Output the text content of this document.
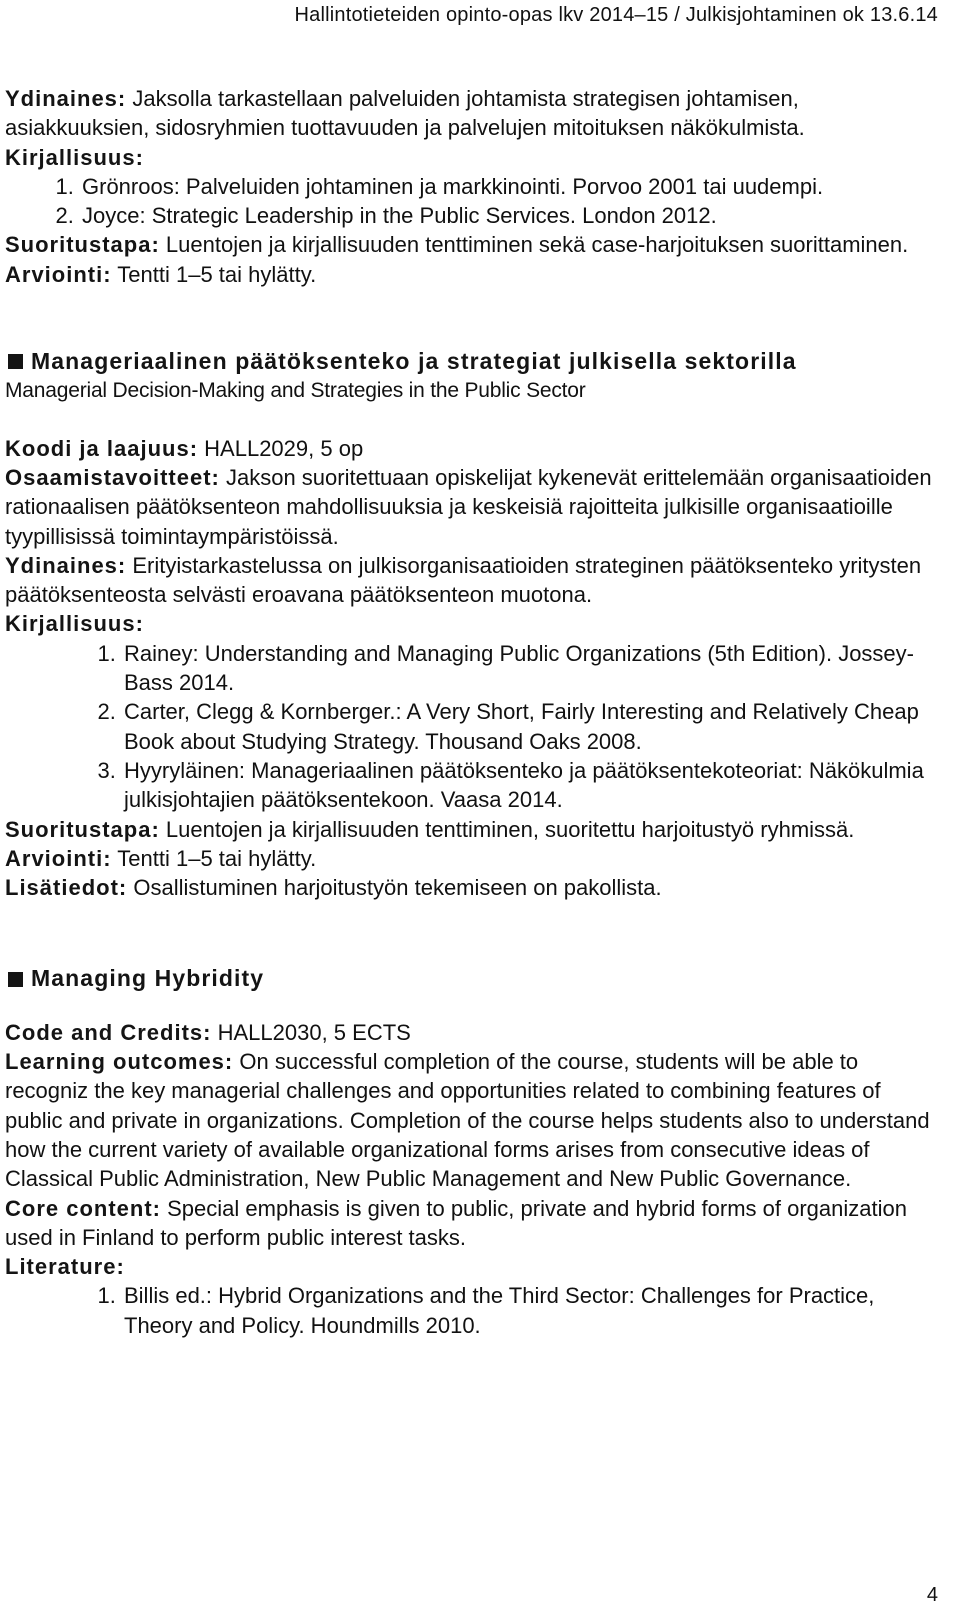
Hallintotieteiden opinto-opas lkv 2014–15 / Julkisjohtaminen ok 13.6.14

Ydinaines: Jaksolla tarkastellaan palveluiden johtamista strategisen johtamisen, asiakkuuksien, sidosryhmien tuottavuuden ja palvelujen mitoituksen näkökulmista.

Kirjallisuus:

1. Grönroos: Palveluiden johtaminen ja markkinointi. Porvoo 2001 tai uudempi.
2. Joyce: Strategic Leadership in the Public Services. London 2012.

Suoritustapa: Luentojen ja kirjallisuuden tenttiminen sekä case-harjoituksen suorittaminen.

Arviointi: Tentti 1–5 tai hylätty.

Manageriaalinen päätöksenteko ja strategiat julkisella sektorilla

Managerial Decision-Making and Strategies in the Public Sector

Koodi ja laajuus: HALL2029, 5 op

Osaamistavoitteet: Jakson suoritettuaan opiskelijat kykenevät erittelemään organisaatioiden rationaalisen päätöksenteon mahdollisuuksia ja keskeisiä rajoitteita julkisille organisaatioille tyypillisissä toimintaympäristöissä.

Ydinaines: Erityistarkastelussa on julkisorganisaatioiden strateginen päätöksenteko yritysten päätöksenteosta selvästi eroavana päätöksenteon muotona.

Kirjallisuus:

1. Rainey: Understanding and Managing Public Organizations (5th Edition). Jossey-Bass 2014.
2. Carter, Clegg & Kornberger.: A Very Short, Fairly Interesting and Relatively Cheap Book about Studying Strategy. Thousand Oaks 2008.
3. Hyyryläinen: Manageriaalinen päätöksenteko ja päätöksentekoteoriat: Näkökulmia julkisjohtajien päätöksentekoon. Vaasa 2014.

Suoritustapa: Luentojen ja kirjallisuuden tenttiminen, suoritettu harjoitustyö ryhmissä.

Arviointi: Tentti 1–5 tai hylätty.

Lisätiedot: Osallistuminen harjoitustyön tekemiseen on pakollista.

Managing Hybridity

Code and Credits: HALL2030, 5 ECTS

Learning outcomes: On successful completion of the course, students will be able to recogniz the key managerial challenges and opportunities related to combining features of public and private in organizations. Completion of the course helps students also to understand how the current variety of available organizational forms arises from consecutive ideas of Classical Public Administration, New Public Management and New Public Governance.

Core content: Special emphasis is given to public, private and hybrid forms of organization used in Finland to perform public interest tasks.

Literature:

1. Billis ed.: Hybrid Organizations and the Third Sector: Challenges for Practice, Theory and Policy. Houndmills 2010.
4
